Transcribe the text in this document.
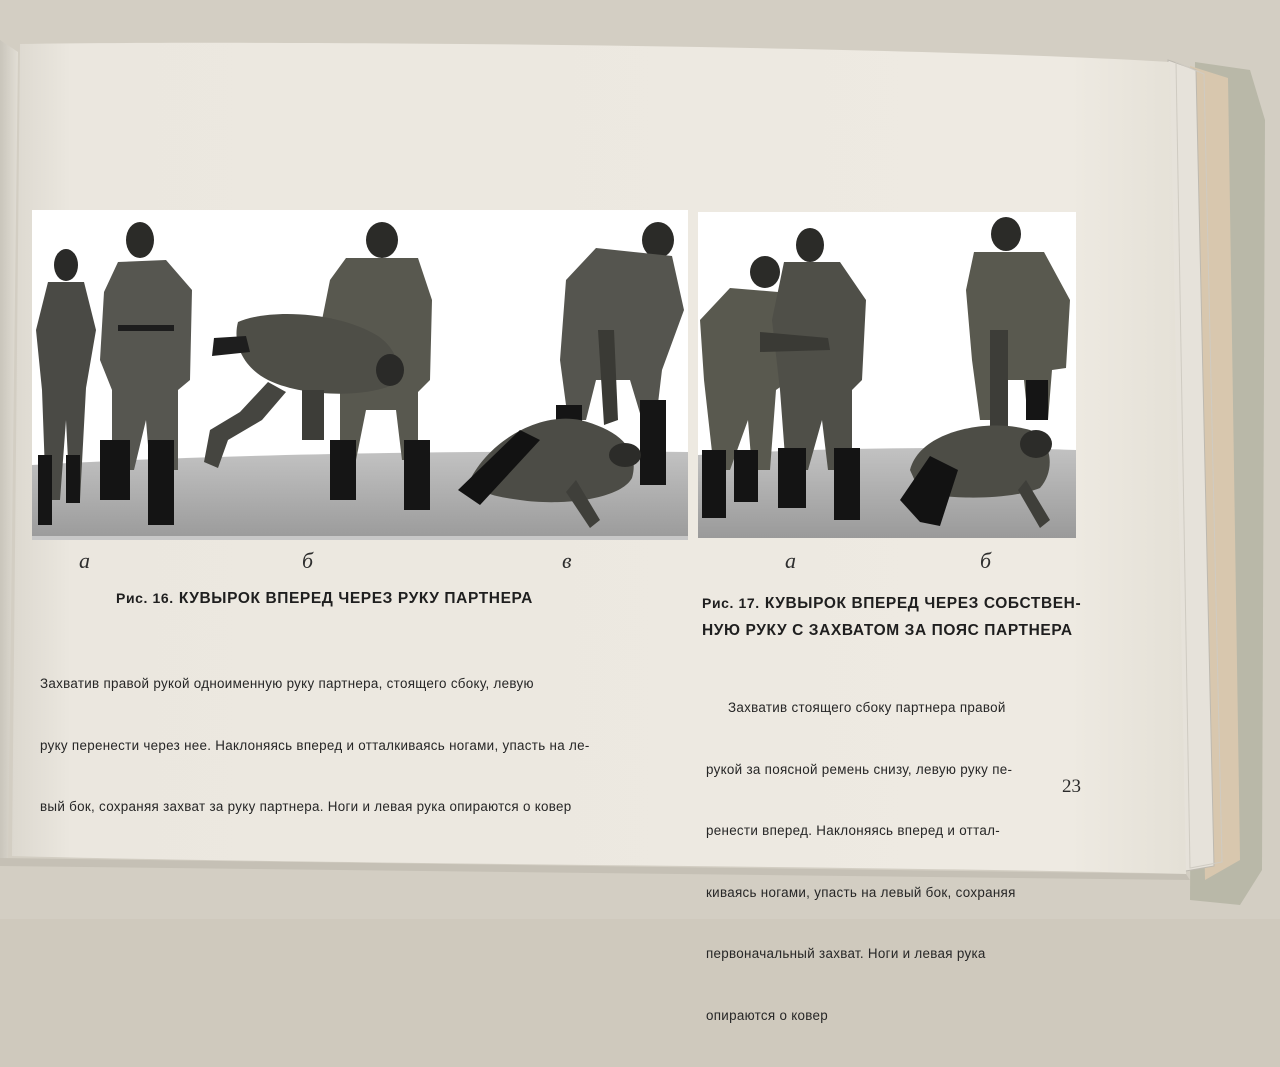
а	б	в	а	б
Рис. 16. КУВЫРОК ВПЕРЕД ЧЕРЕЗ РУКУ ПАРТНЕРА

Захватив правой рукой одноименную руку партнера, стоящего сбоку, левую

руку перенести через нее. Наклоняясь вперед и отталкиваясь ногами, упасть на ле-

вый бок, сохраняя захват за руку партнера. Ноги и левая рука опираются о ковер

Рис. 17. КУВЫРОК ВПЕРЕД ЧЕРЕЗ СОБСТВЕН-
НУЮ РУКУ С ЗАХВАТОМ ЗА ПОЯС ПАРТНЕРА

Захватив стоящего сбоку партнера правой

рукой за поясной ремень снизу, левую руку пе-

ренести вперед. Наклоняясь вперед и оттал-

киваясь ногами, упасть на левый бок, сохраняя

первоначальный захват. Ноги и левая рука

опираются о ковер

23
